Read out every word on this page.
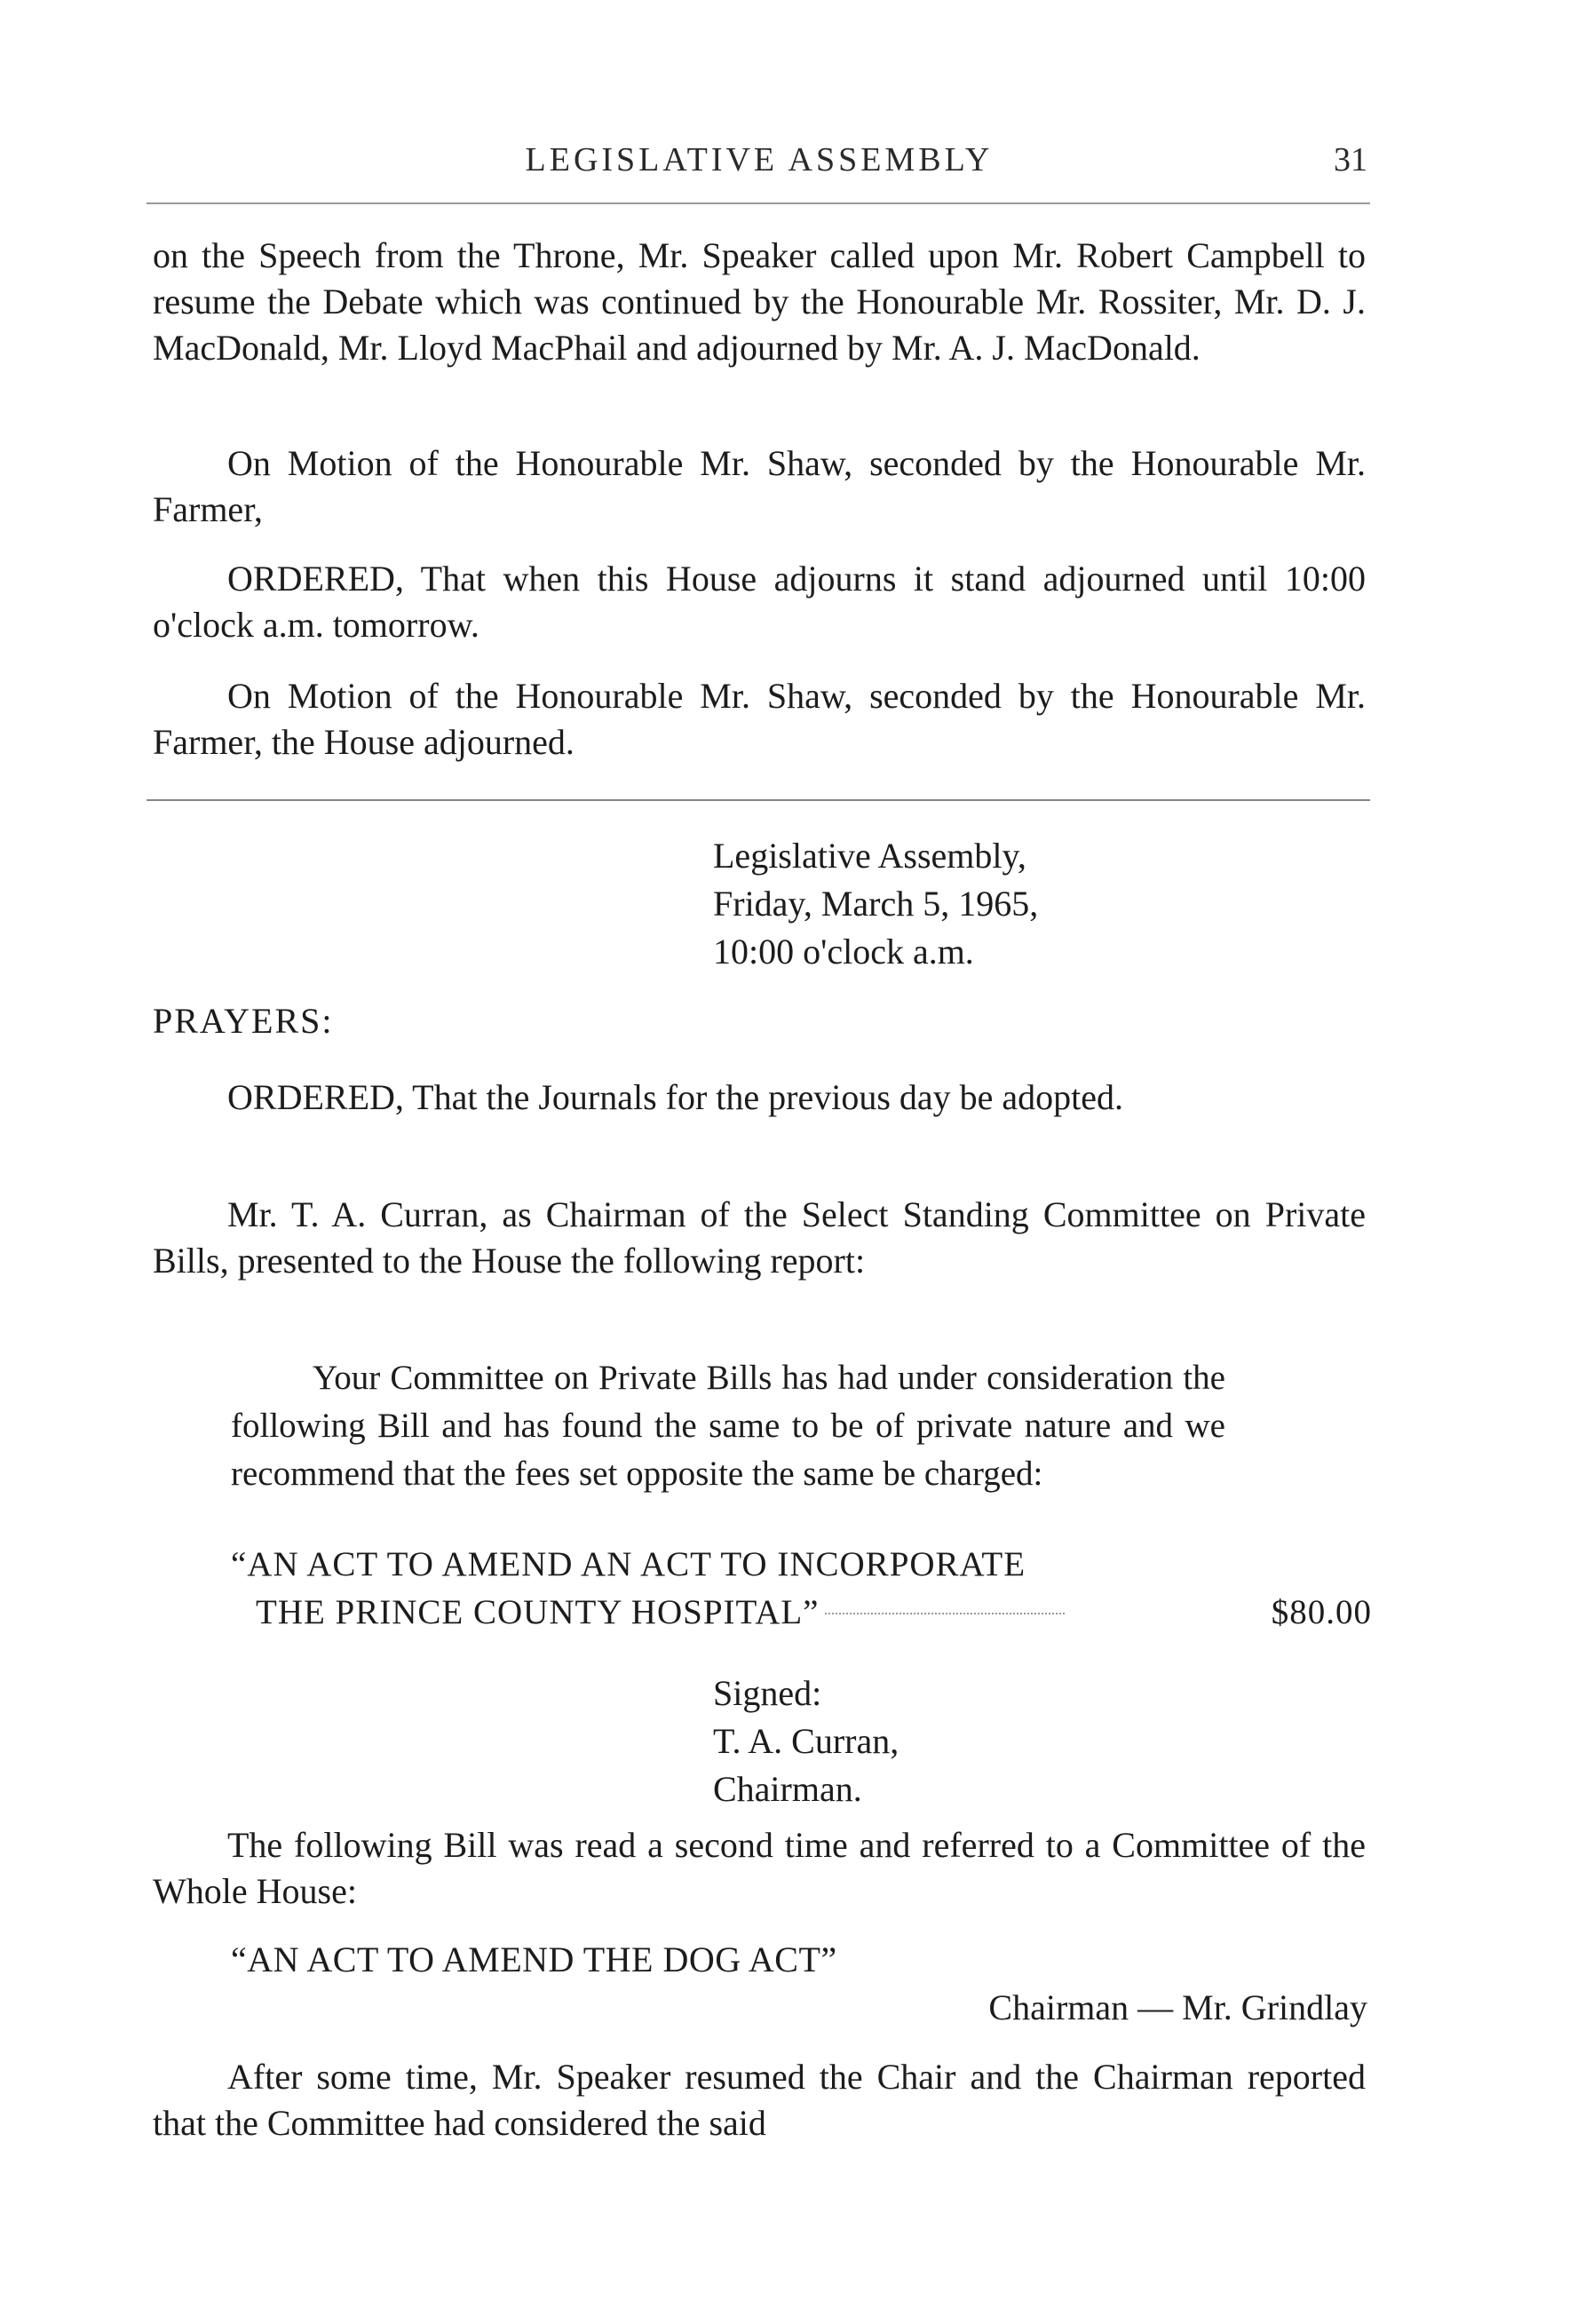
LEGISLATIVE ASSEMBLY	31

on the Speech from the Throne, Mr. Speaker called upon Mr. Robert Campbell to resume the Debate which was continued by the Honourable Mr. Rossiter, Mr. D. J. MacDonald, Mr. Lloyd MacPhail and adjourned by Mr. A. J. MacDonald.

On Motion of the Honourable Mr. Shaw, seconded by the Honourable Mr. Farmer,

ORDERED, That when this House adjourns it stand adjourned until 10:00 o'clock a.m. tomorrow.

On Motion of the Honourable Mr. Shaw, seconded by the Honourable Mr. Farmer, the House adjourned.

Legislative Assembly,
Friday, March 5, 1965,
10:00 o'clock a.m.
PRAYERS:

ORDERED, That the Journals for the previous day be adopted.

Mr. T. A. Curran, as Chairman of the Select Standing Committee on Private Bills, presented to the House the following report:

Your Committee on Private Bills has had under consideration the following Bill and has found the same to be of private nature and we recommend that the fees set opposite the same be charged:

“AN ACT TO AMEND AN ACT TO INCORPORATE
THE PRINCE COUNTY HOSPITAL”	$80.00
Signed:
T. A. Curran,
Chairman.

The following Bill was read a second time and referred to a Committee of the Whole House:

“AN ACT TO AMEND THE DOG ACT”
Chairman — Mr. Grindlay

After some time, Mr. Speaker resumed the Chair and the Chairman reported that the Committee had considered the said
